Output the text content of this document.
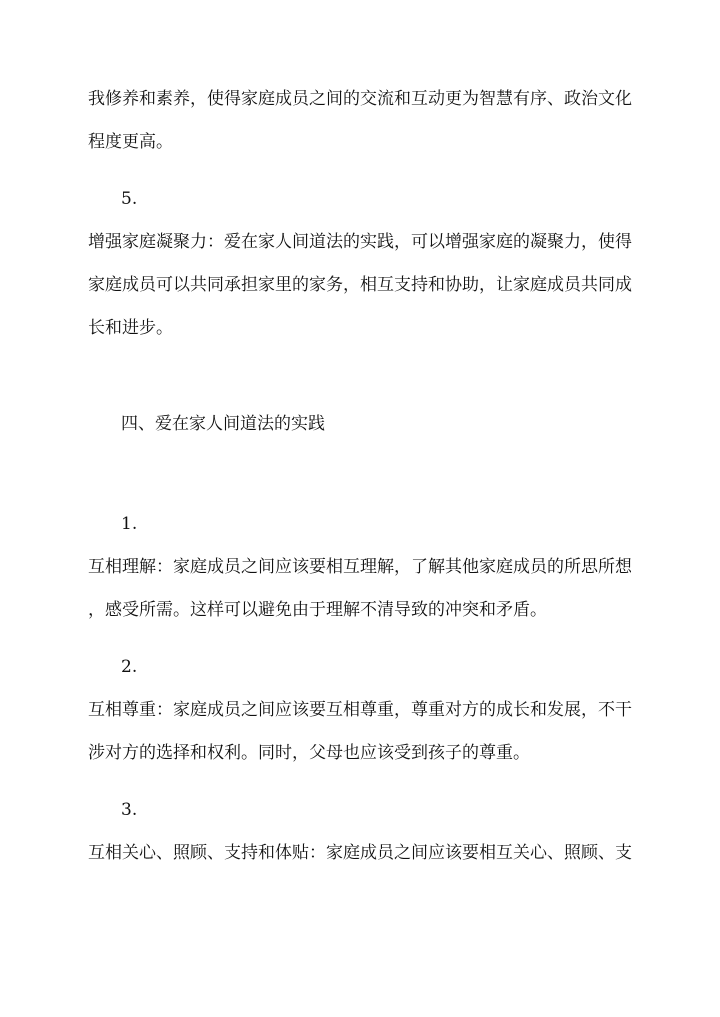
我修养和素养，使得家庭成员之间的交流和互动更为智慧有序、政治文化
程度更高。
5.
增强家庭凝聚力：爱在家人间道法的实践，可以增强家庭的凝聚力，使得
家庭成员可以共同承担家里的家务，相互支持和协助，让家庭成员共同成
长和进步。
四、爱在家人间道法的实践
1.
互相理解：家庭成员之间应该要相互理解，了解其他家庭成员的所思所想
，感受所需。这样可以避免由于理解不清导致的冲突和矛盾。
2.
互相尊重：家庭成员之间应该要互相尊重，尊重对方的成长和发展，不干
涉对方的选择和权利。同时，父母也应该受到孩子的尊重。
3.
互相关心、照顾、支持和体贴：家庭成员之间应该要相互关心、照顾、支
